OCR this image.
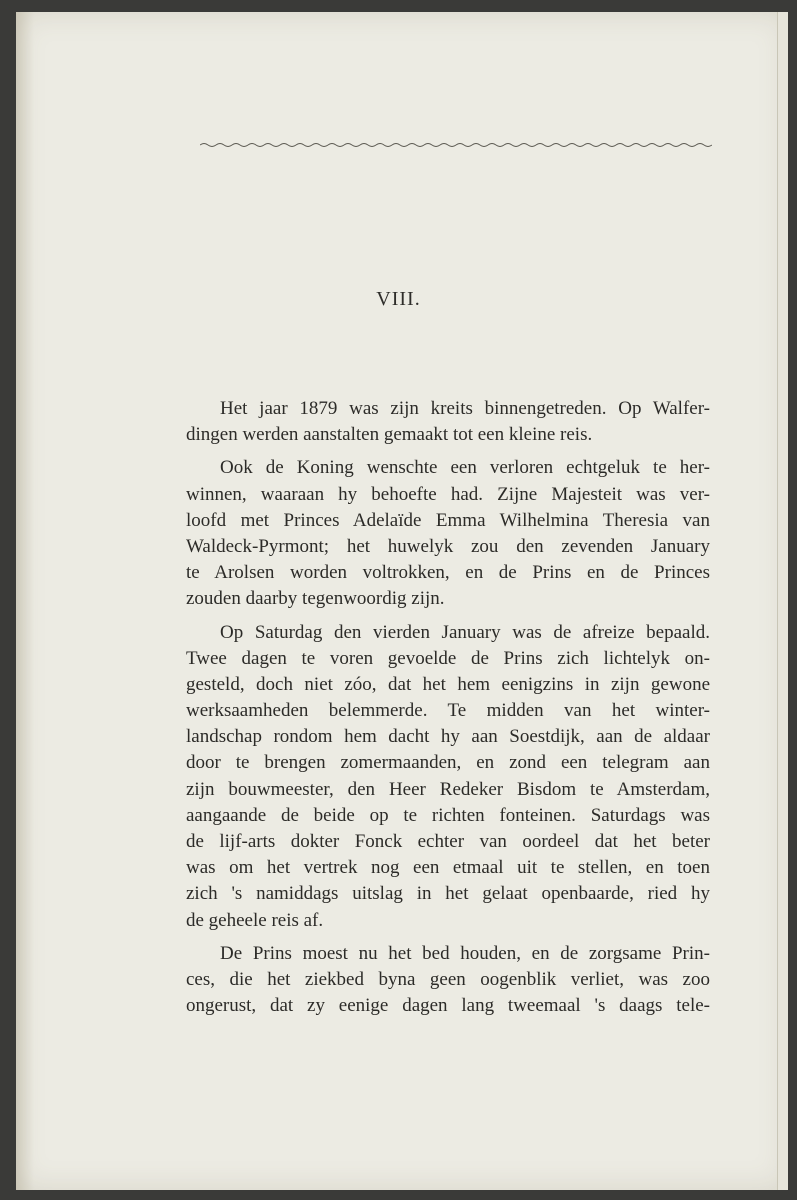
VIII.
Het jaar 1879 was zijn kreits binnengetreden. Op Walfer-
dingen werden aanstalten gemaakt tot een kleine reis.
Ook de Koning wenschte een verloren echtgeluk te her-
winnen, waaraan hy behoefte had. Zijne Majesteit was ver-
loofd met Princes Adelaïde Emma Wilhelmina Theresia van
Waldeck-Pyrmont; het huwelyk zou den zevenden January
te Arolsen worden voltrokken, en de Prins en de Princes
zouden daarby tegenwoordig zijn.
Op Saturdag den vierden January was de afreize bepaald.
Twee dagen te voren gevoelde de Prins zich lichtelyk on-
gesteld, doch niet zóo, dat het hem eenigzins in zijn gewone
werksaamheden belemmerde. Te midden van het winter-
landschap rondom hem dacht hy aan Soestdijk, aan de aldaar
door te brengen zomermaanden, en zond een telegram aan
zijn bouwmeester, den Heer Redeker Bisdom te Amsterdam,
aangaande de beide op te richten fonteinen. Saturdags was
de lijf-arts dokter Fonck echter van oordeel dat het beter
was om het vertrek nog een etmaal uit te stellen, en toen
zich 's namiddags uitslag in het gelaat openbaarde, ried hy
de geheele reis af.
De Prins moest nu het bed houden, en de zorgsame Prin-
ces, die het ziekbed byna geen oogenblik verliet, was zoo
ongerust, dat zy eenige dagen lang tweemaal 's daags tele-
